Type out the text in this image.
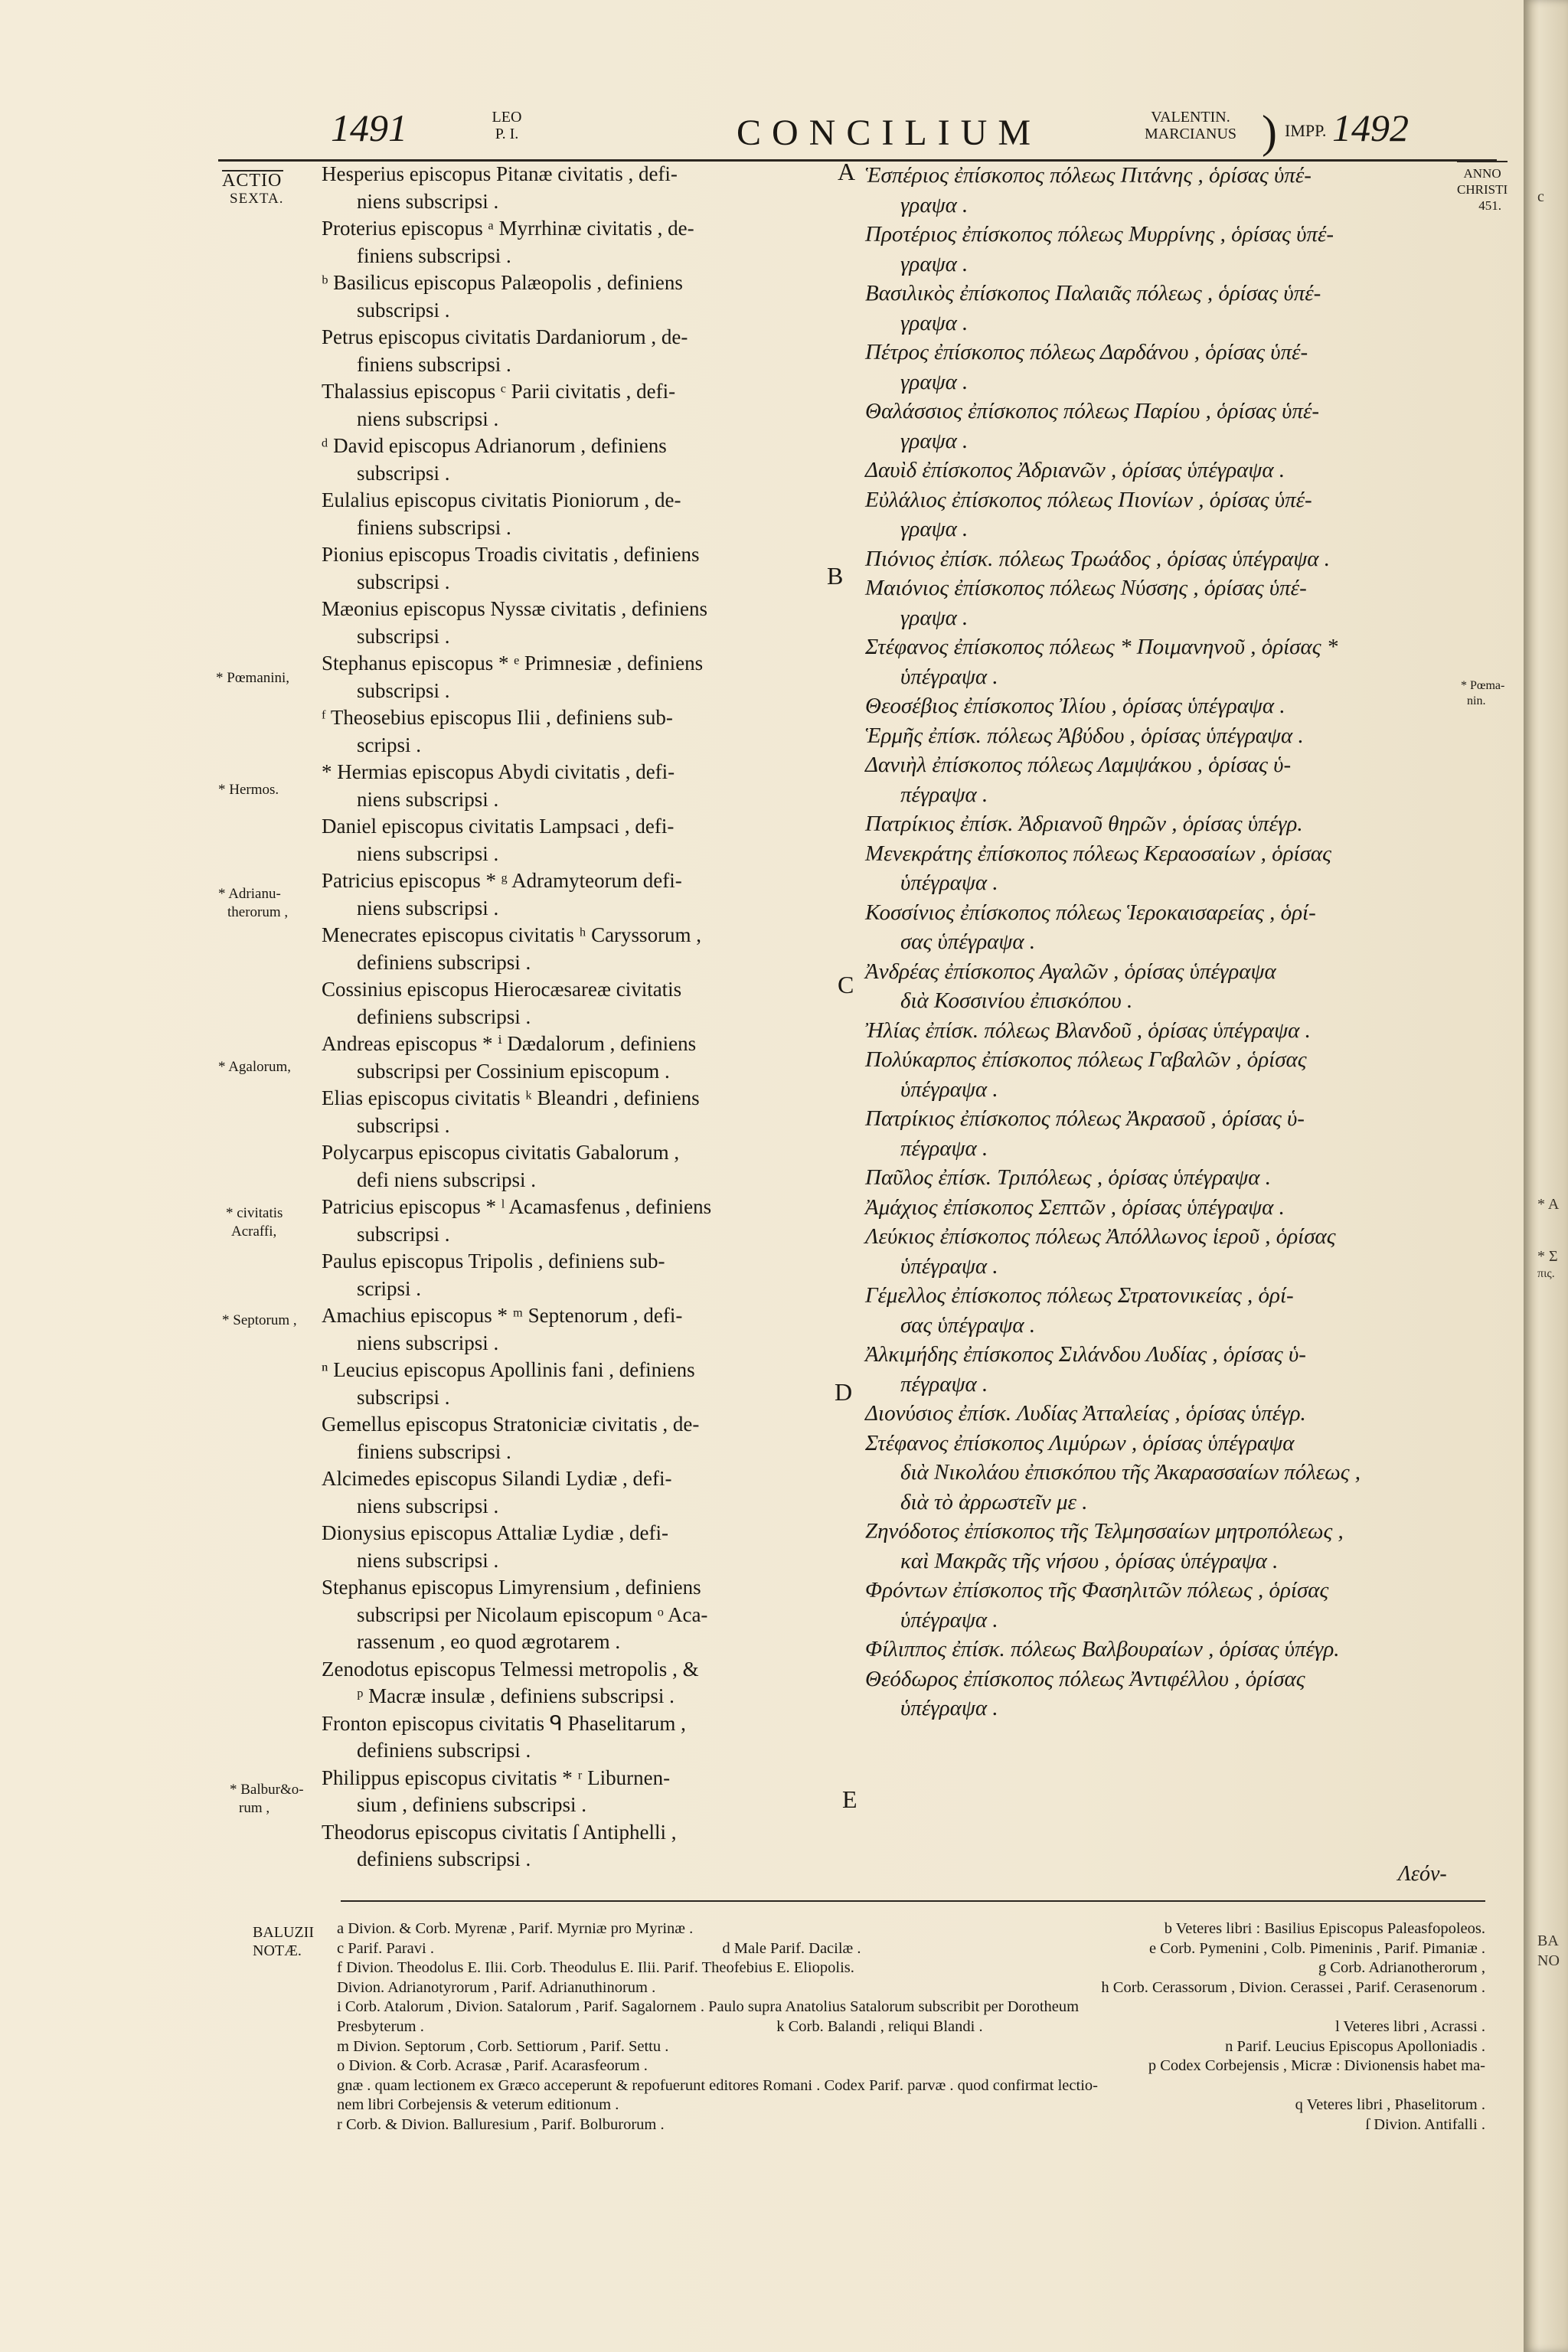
1491	LEO
P. I.	CONCILIUM	VALENTIN.
MARCIANUS ) IMPP. 1492
ACTIO
SEXTA.
* Pœmanini,
* Hermos.
* Adrianu-
therorum ,
* Agalorum,
* civitatis
Acraffi,
* Septorum ,
* Balbur&o-
rum ,
ANNO
CHRISTI
451.
* Pœma-
nin.
c
* A
* Σ
πις.
BA
NO
A
B
C
D
E

Hesperius episcopus Pitanæ civitatis , defi-
niens subscripsi .

Proterius episcopus ᵃ Myrrhinæ civitatis , de-
finiens subscripsi .

ᵇ Basilicus episcopus Palæopolis , definiens
subscripsi .

Petrus episcopus civitatis Dardaniorum , de-
finiens subscripsi .

Thalassius episcopus ᶜ Parii civitatis , defi-
niens subscripsi .

ᵈ David episcopus Adrianorum , definiens
subscripsi .

Eulalius episcopus civitatis Pioniorum , de-
finiens subscripsi .

Pionius episcopus Troadis civitatis , definiens
subscripsi .

Mæonius episcopus Nyssæ civitatis , definiens
subscripsi .

Stephanus episcopus * ᵉ Primnesiæ , definiens
subscripsi .

ᶠ Theosebius episcopus Ilii , definiens sub-
scripsi .

* Hermias episcopus Abydi civitatis , defi-
niens subscripsi .

Daniel episcopus civitatis Lampsaci , defi-
niens subscripsi .

Patricius episcopus * ᵍ Adramyteorum defi-
niens subscripsi .

Menecrates episcopus civitatis ʰ Caryssorum ,
definiens subscripsi .

Cossinius episcopus Hierocæsareæ civitatis
definiens subscripsi .

Andreas episcopus * ⁱ Dædalorum , definiens
subscripsi per Cossinium episcopum .

Elias episcopus civitatis ᵏ Bleandri , definiens
subscripsi .

Polycarpus episcopus civitatis Gabalorum ,
defi niens subscripsi .

Patricius episcopus * ˡ Acamasfenus , definiens
subscripsi .

Paulus episcopus Tripolis , definiens sub-
scripsi .

Amachius episcopus * ᵐ Septenorum , defi-
niens subscripsi .

ⁿ Leucius episcopus Apollinis fani , definiens
subscripsi .

Gemellus episcopus Stratoniciæ civitatis , de-
finiens subscripsi .

Alcimedes episcopus Silandi Lydiæ , defi-
niens subscripsi .

Dionysius episcopus Attaliæ Lydiæ , defi-
niens subscripsi .

Stephanus episcopus Limyrensium , definiens
subscripsi per Nicolaum episcopum ᵒ Aca-
rassenum , eo quod ægrotarem .

Zenodotus episcopus Telmessi metropolis , &
ᵖ Macræ insulæ , definiens subscripsi .

Fronton episcopus civitatis ᑫ Phaselitarum ,
definiens subscripsi .

Philippus episcopus civitatis * ʳ Liburnen-
sium , definiens subscripsi .

Theodorus episcopus civitatis ſ Antiphelli ,
definiens subscripsi .

Ἑσπέριος ἐπίσκοπος πόλεως Πιτάνης , ὁρίσας ὑπέ-
γραψα .

Προτέριος ἐπίσκοπος πόλεως Μυρρίνης , ὁρίσας ὑπέ-
γραψα .

Βασιλικὸς ἐπίσκοπος Παλαιᾶς πόλεως , ὁρίσας ὑπέ-
γραψα .

Πέτρος ἐπίσκοπος πόλεως Δαρδάνου , ὁρίσας ὑπέ-
γραψα .

Θαλάσσιος ἐπίσκοπος πόλεως Παρίου , ὁρίσας ὑπέ-
γραψα .

Δαυὶδ ἐπίσκοπος Ἀδριανῶν , ὁρίσας ὑπέγραψα .

Εὐλάλιος ἐπίσκοπος πόλεως Πιονίων , ὁρίσας ὑπέ-
γραψα .

Πιόνιος ἐπίσκ. πόλεως Τρωάδος , ὁρίσας ὑπέγραψα .

Μαιόνιος ἐπίσκοπος πόλεως Νύσσης , ὁρίσας ὑπέ-
γραψα .

Στέφανος ἐπίσκοπος πόλεως * Ποιμανηνοῦ , ὁρίσας *
ὑπέγραψα .

Θεοσέβιος ἐπίσκοπος Ἰλίου , ὁρίσας ὑπέγραψα .

Ἑρμῆς ἐπίσκ. πόλεως Ἀβύδου , ὁρίσας ὑπέγραψα .

Δανιὴλ ἐπίσκοπος πόλεως Λαμψάκου , ὁρίσας ὑ-
πέγραψα .

Πατρίκιος ἐπίσκ. Ἀδριανοῦ θηρῶν , ὁρίσας ὑπέγρ.

Μενεκράτης ἐπίσκοπος πόλεως Κεραοσαίων , ὁρίσας
ὑπέγραψα .

Κοσσίνιος ἐπίσκοπος πόλεως Ἱεροκαισαρείας , ὁρί-
σας ὑπέγραψα .

Ἀνδρέας ἐπίσκοπος Αγαλῶν , ὁρίσας ὑπέγραψα
διὰ Κοσσινίου ἐπισκόπου .

Ἠλίας ἐπίσκ. πόλεως Βλανδοῦ , ὁρίσας ὑπέγραψα .

Πολύκαρπος ἐπίσκοπος πόλεως Γαβαλῶν , ὁρίσας
ὑπέγραψα .

Πατρίκιος ἐπίσκοπος πόλεως Ἀκρασοῦ , ὁρίσας ὑ-
πέγραψα .

Παῦλος ἐπίσκ. Τριπόλεως , ὁρίσας ὑπέγραψα .

Ἀμάχιος ἐπίσκοπος Σεπτῶν , ὁρίσας ὑπέγραψα .

Λεύκιος ἐπίσκοπος πόλεως Ἀπόλλωνος ἱεροῦ , ὁρίσας
ὑπέγραψα .

Γέμελλος ἐπίσκοπος πόλεως Στρατονικείας , ὁρί-
σας ὑπέγραψα .

Ἀλκιμήδης ἐπίσκοπος Σιλάνδου Λυδίας , ὁρίσας ὑ-
πέγραψα .

Διονύσιος ἐπίσκ. Λυδίας Ἀτταλείας , ὁρίσας ὑπέγρ.

Στέφανος ἐπίσκοπος Λιμύρων , ὁρίσας ὑπέγραψα
διὰ Νικολάου ἐπισκόπου τῆς Ἀκαρασσαίων πόλεως ,
διὰ τὸ ἀρρωστεῖν με .

Ζηνόδοτος ἐπίσκοπος τῆς Τελμησσαίων μητροπόλεως ,
καὶ Μακρᾶς τῆς νήσου , ὁρίσας ὑπέγραψα .

Φρόντων ἐπίσκοπος τῆς Φασηλιτῶν πόλεως , ὁρίσας
ὑπέγραψα .

Φίλιππος ἐπίσκ. πόλεως Βαλβουραίων , ὁρίσας ὑπέγρ.

Θεόδωρος ἐπίσκοπος πόλεως Ἀντιφέλλου , ὁρίσας
ὑπέγραψα .

Λεόν-
BALUZII
NOTÆ.
a Divion. & Corb. Myrenæ , Parif. Myrniæ pro Myrinæ .	b Veteres libri : Basilius Episcopus Paleasfopoleos.
c Parif. Paravi .	d Male Parif. Dacilæ .	e Corb. Pymenini , Colb. Pimeninis , Parif. Pimaniæ .
f Divion. Theodolus E. Ilii. Corb. Theodulus E. Ilii. Parif. Theofebius E. Eliopolis.	g Corb. Adrianotherorum ,
Divion. Adrianotyrorum , Parif. Adrianuthinorum .	h Corb. Cerassorum , Divion. Cerassei , Parif. Cerasenorum .
i Corb. Atalorum , Divion. Satalorum , Parif. Sagalornem . Paulo supra Anatolius Satalorum subscribit per Dorotheum
Presbyterum .	k Corb. Balandi , reliqui Blandi .	l Veteres libri , Acrassi .
m Divion. Septorum , Corb. Settiorum , Parif. Settu .	n Parif. Leucius Episcopus Apolloniadis .
o Divion. & Corb. Acrasæ , Parif. Acarasfeorum .	p Codex Corbejensis , Micræ : Divionensis habet ma-
gnæ . quam lectionem ex Græco acceperunt & repofuerunt editores Romani . Codex Parif. parvæ . quod confirmat lectio-
nem libri Corbejensis & veterum editionum .	q Veteres libri , Phaselitorum .
r Corb. & Divion. Balluresium , Parif. Bolburorum .	ſ Divion. Antifalli .
